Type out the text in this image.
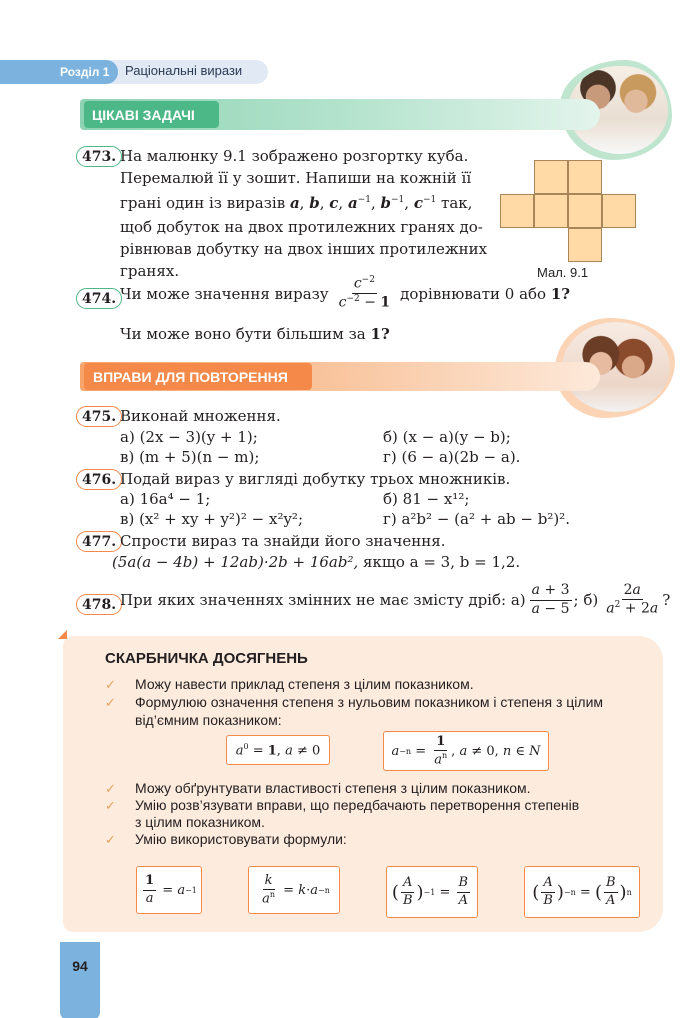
Розділ 1	Раціональні вирази
ЦІКАВІ ЗАДАЧІ
473. На малюнку 9.1 зображено розгортку куба.
Перемалюй її у зошит. Напиши на кожній її
грані один із виразів a, b, c, $a^{-1}$, $b^{-1}$, $c^{-1}$ так,
щоб добуток на двох протилежних гранях до-
рівнював добутку на двох інших протилежних
гранях.	Мал. 9.1
474. Чи може значення виразу $\frac{c^{-2}}{c^{-2} - 1}$ дорівнювати 0 або
1?
Чи може воно бути більшим за 1?
ВПРАВИ ДЛЯ ПОВТОРЕННЯ
475. Виконай множення.
а) (2x − 3)(y + 1);	б) (x − a)(y − b);
в) (m + 5)(n − m);	г) (6 − a)(2b − a).
476. Подай вираз у вигляді добутку трьох множників.
а) 16a⁴ − 1;	б) 81 − x¹²;
в) (x² + xy + y²)² − x²y²;	г) a²b² − (a² + ab − b²)².
477. Спрости вираз та знайди його значення.
(5a(a − 4b) + 12ab)·2b + 16ab², якщо a = 3, b = 1,2.
478. При яких значеннях змінних не має змісту дріб: $а) \frac{a + 3}{a - 5}$ ; $б) \frac{2a}{a^2 + 2a}$ ?
СКАРБНИЧКА ДОСЯГНЕНЬ
✓ Можу навести приклад степеня з цілим показником.
✓ Формулюю означення степеня з нульовим показником і степеня з цілим
від’ємним показником:
$a^0 = 1$, a ≠ 0	$a -n = \frac{1}{a^n}$ , a ≠ 0, n ∈ N
✓ Можу обґрунтувати властивості степеня з цілим показником.
✓ Умію розв’язувати вправи, що передбачають перетворення степенів
з цілим показником.
✓ Умію використовувати формули:
$\frac{1}{a} = a -1$	$\frac{k}{a^n} = k \cdot a -n$	( $\frac{A}{B}$ ) $-1 = \frac{B}{A}$	( $\frac{A}{B}$ ) −n = ( $\frac{B}{A}$ ) n
94
